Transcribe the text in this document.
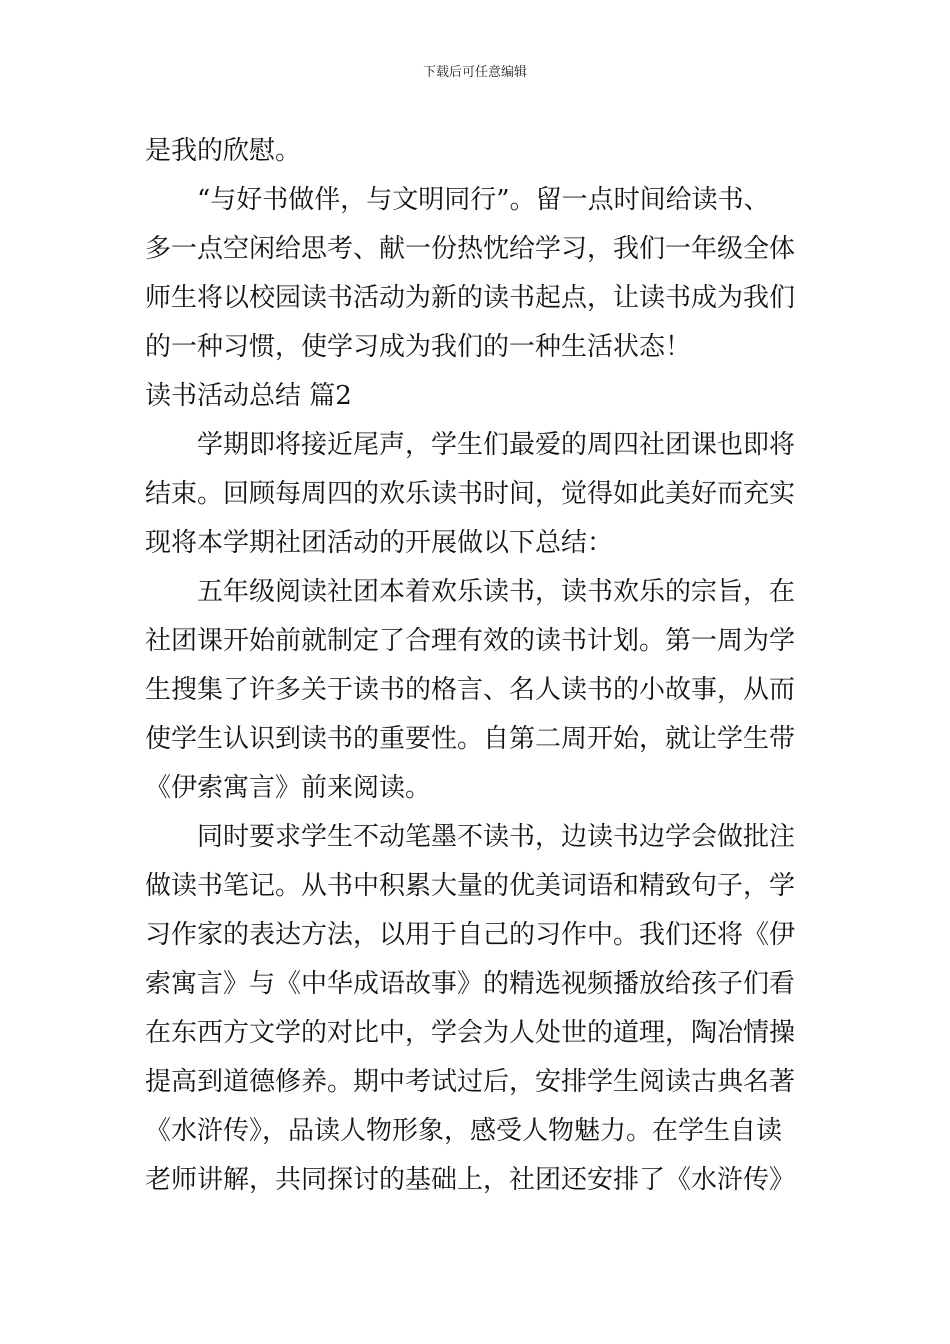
下载后可任意编辑
是我的欣慰。
“与好书做伴，与文明同行”。留一点时间给读书、
多一点空闲给思考、献一份热忱给学习，我们一年级全体
师生将以校园读书活动为新的读书起点，让读书成为我们
的一种习惯，使学习成为我们的一种生活状态！
读书活动总结 篇2
学期即将接近尾声，学生们最爱的周四社团课也即将
结束。回顾每周四的欢乐读书时间，觉得如此美好而充实
现将本学期社团活动的开展做以下总结：
五年级阅读社团本着欢乐读书，读书欢乐的宗旨，在
社团课开始前就制定了合理有效的读书计划。第一周为学
生搜集了许多关于读书的格言、名人读书的小故事，从而
使学生认识到读书的重要性。自第二周开始，就让学生带
《伊索寓言》前来阅读。
同时要求学生不动笔墨不读书，边读书边学会做批注
做读书笔记。从书中积累大量的优美词语和精致句子，学
习作家的表达方法，以用于自己的习作中。我们还将《伊
索寓言》与《中华成语故事》的精选视频播放给孩子们看
在东西方文学的对比中，学会为人处世的道理，陶冶情操
提高到道德修养。期中考试过后，安排学生阅读古典名著
《水浒传》，品读人物形象，感受人物魅力。在学生自读
老师讲解，共同探讨的基础上，社团还安排了《水浒传》
